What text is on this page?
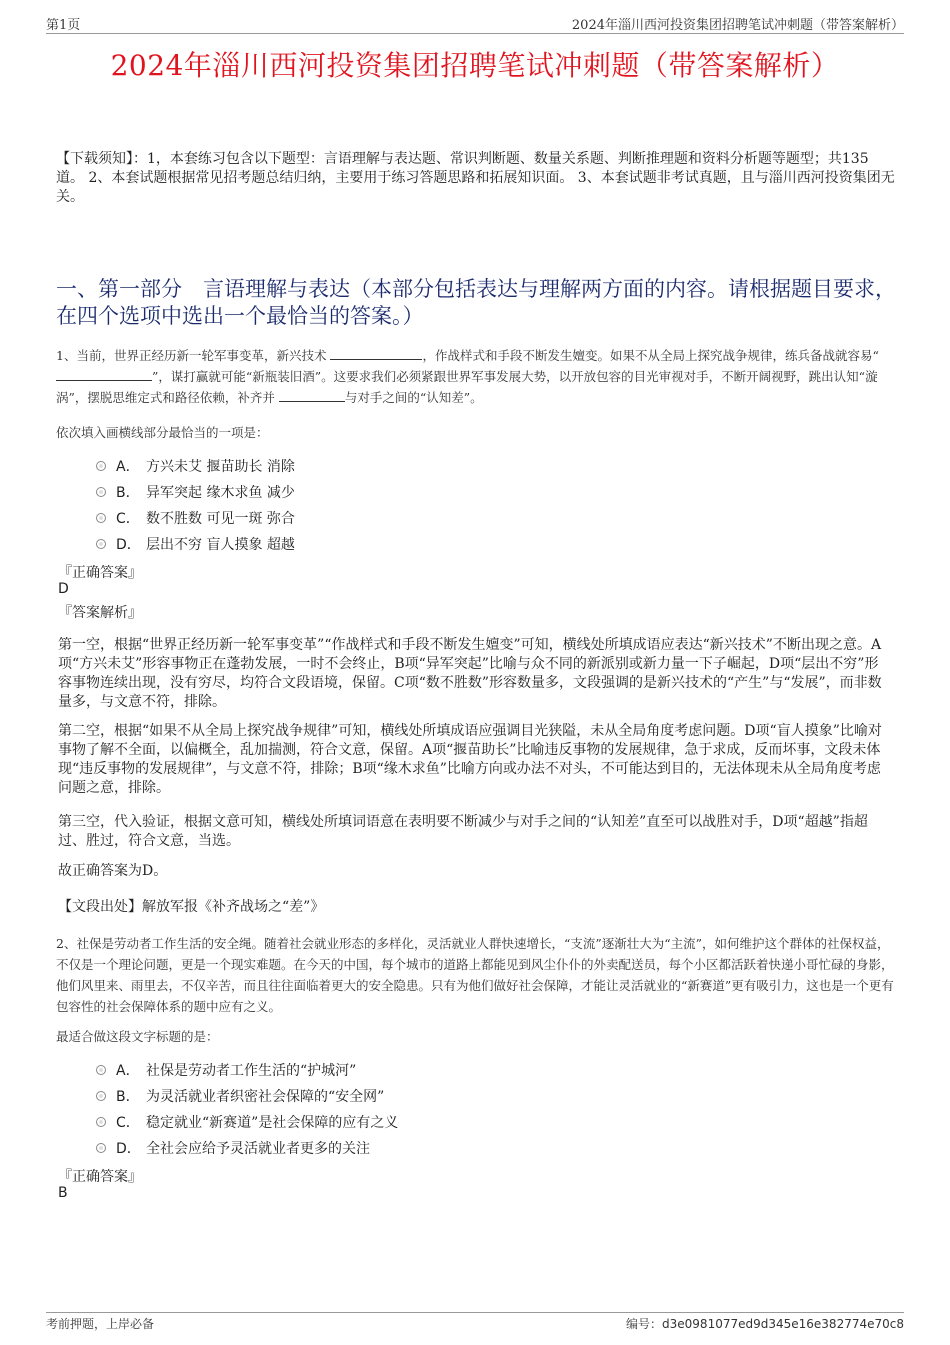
第1页	2024年淄川西河投资集团招聘笔试冲刺题（带答案解析）
2024年淄川西河投资集团招聘笔试冲刺题（带答案解析）
【下载须知】：1，本套练习包含以下题型：言语理解与表达题、常识判断题、数量关系题、判断推理题和资料分析题等题型；共135道。 2、本套试题根据常见招考题总结归纳，主要用于练习答题思路和拓展知识面。 3、本套试题非考试真题，且与淄川西河投资集团无关。
一、第一部分　言语理解与表达（本部分包括表达与理解两方面的内容。请根据题目要求，在四个选项中选出一个最恰当的答案。）
1、当前，世界正经历新一轮军事变革，新兴技术	，作战样式和手段不断发生嬗变。如果不从全局上探究战争规律，练兵备战就容易“”，谋打赢就可能“新瓶装旧酒”。这要求我们必须紧跟世界军事发展大势，以开放包容的目光审视对手，不断开阔视野，跳出认知“漩涡”，摆脱思维定式和路径依赖，补齐并	与对手之间的“认知差”。
依次填入画横线部分最恰当的一项是：
A． 方兴未艾 揠苗助长 消除
B． 异军突起 缘木求鱼 减少
C． 数不胜数 可见一斑 弥合
D． 层出不穷 盲人摸象 超越
『正确答案』
D
『答案解析』
第一空，根据“世界正经历新一轮军事变革”“作战样式和手段不断发生嬗变”可知，横线处所填成语应表达“新兴技术”不断出现之意。A项“方兴未艾”形容事物正在蓬勃发展，一时不会终止，B项“异军突起”比喻与众不同的新派别或新力量一下子崛起，D项“层出不穷”形容事物连续出现，没有穷尽，均符合文段语境，保留。C项“数不胜数”形容数量多，文段强调的是新兴技术的“产生”与“发展”，而非数量多，与文意不符，排除。
第二空，根据“如果不从全局上探究战争规律”可知，横线处所填成语应强调目光狭隘，未从全局角度考虑问题。D项“盲人摸象”比喻对事物了解不全面，以偏概全，乱加揣测，符合文意，保留。A项“揠苗助长”比喻违反事物的发展规律，急于求成，反而坏事，文段未体现“违反事物的发展规律”，与文意不符，排除；B项“缘木求鱼”比喻方向或办法不对头，不可能达到目的，无法体现未从全局角度考虑问题之意，排除。
第三空，代入验证，根据文意可知，横线处所填词语意在表明要不断减少与对手之间的“认知差”直至可以战胜对手，D项“超越”指超过、胜过，符合文意，当选。
故正确答案为D。
【文段出处】解放军报《补齐战场之“差”》
2、社保是劳动者工作生活的安全绳。随着社会就业形态的多样化，灵活就业人群快速增长，“支流”逐渐壮大为“主流”，如何维护这个群体的社保权益，不仅是一个理论问题，更是一个现实难题。在今天的中国，每个城市的道路上都能见到风尘仆仆的外卖配送员，每个小区都活跃着快递小哥忙碌的身影，他们风里来、雨里去，不仅辛苦，而且往往面临着更大的安全隐患。只有为他们做好社会保障，才能让灵活就业的“新赛道”更有吸引力，这也是一个更有包容性的社会保障体系的题中应有之义。
最适合做这段文字标题的是：
A． 社保是劳动者工作生活的“护城河”
B． 为灵活就业者织密社会保障的“安全网”
C． 稳定就业“新赛道”是社会保障的应有之义
D． 全社会应给予灵活就业者更多的关注
『正确答案』
B
考前押题，上岸必备	编号：d3e0981077ed9d345e16e382774e70c8
